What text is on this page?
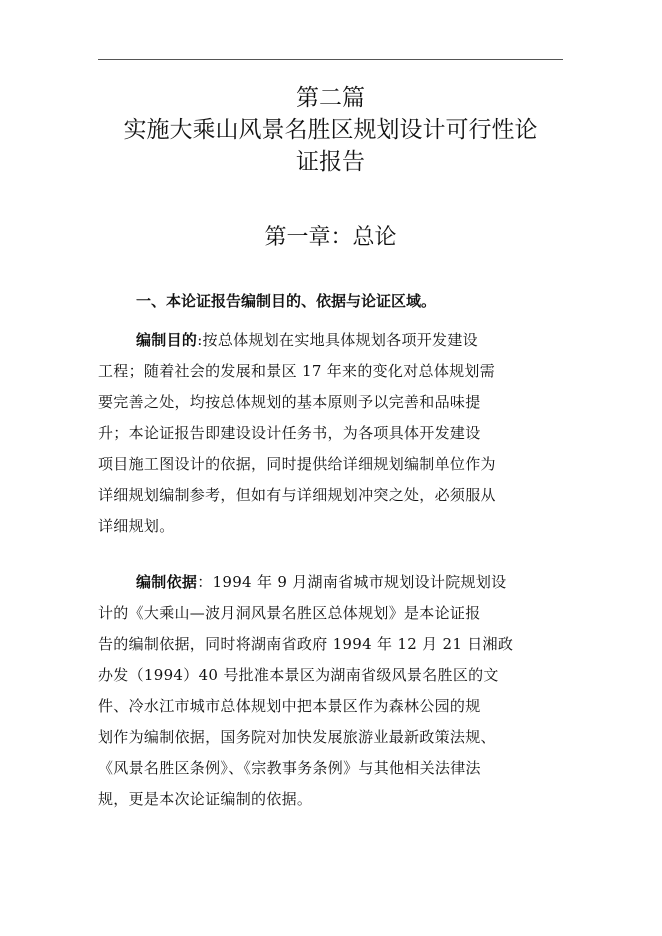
第二篇
实施大乘山风景名胜区规划设计可行性论
证报告
第一章：总论
一、本论证报告编制目的、依据与论证区域。
编制目的:按总体规划在实地具体规划各项开发建设
工程；随着社会的发展和景区 17 年来的变化对总体规划需
要完善之处，均按总体规划的基本原则予以完善和品味提
升；本论证报告即建设设计任务书，为各项具体开发建设
项目施工图设计的依据，同时提供给详细规划编制单位作为
详细规划编制参考，但如有与详细规划冲突之处，必须服从
详细规划。
编制依据：1994 年 9 月湖南省城市规划设计院规划设
计的《大乘山—波月洞风景名胜区总体规划》是本论证报
告的编制依据，同时将湖南省政府 1994 年 12 月 21 日湘政
办发（1994）40 号批准本景区为湖南省级风景名胜区的文
件、冷水江市城市总体规划中把本景区作为森林公园的规
划作为编制依据，国务院对加快发展旅游业最新政策法规、
《风景名胜区条例》、《宗教事务条例》与其他相关法律法
规，更是本次论证编制的依据。
